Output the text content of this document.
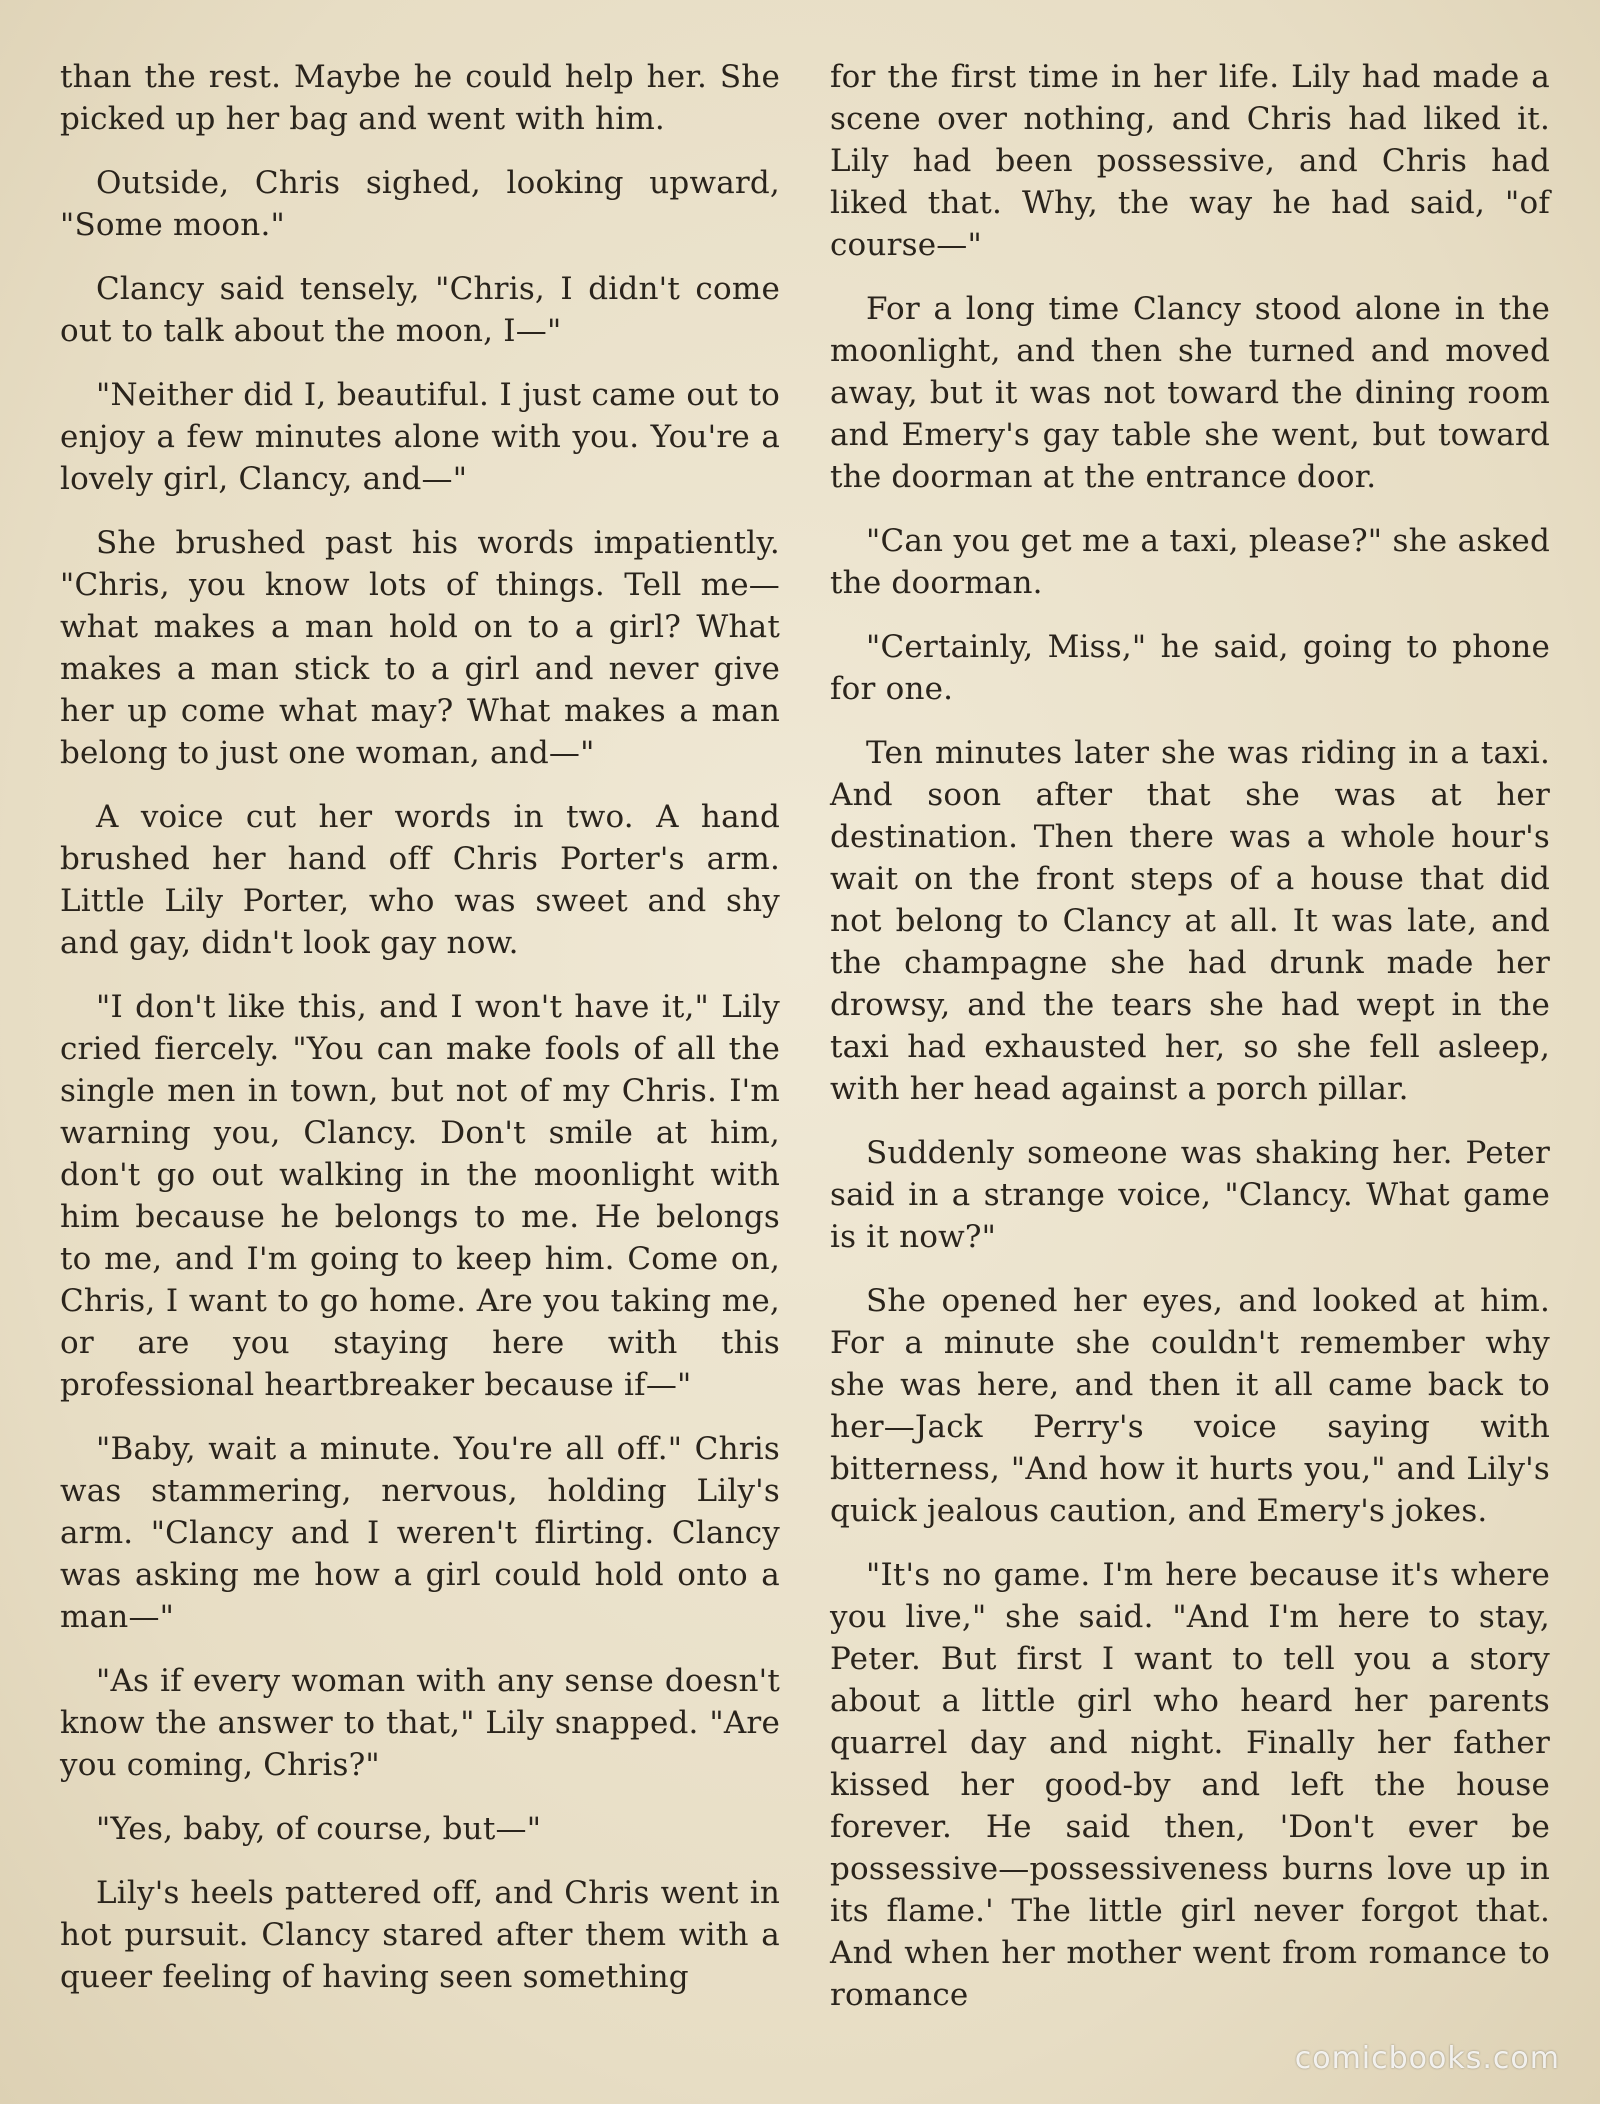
than the rest. Maybe he could help her. She picked up her bag and went with him.

Outside, Chris sighed, looking upward, "Some moon."

Clancy said tensely, "Chris, I didn't come out to talk about the moon, I—"

"Neither did I, beautiful. I just came out to enjoy a few minutes alone with you. You're a lovely girl, Clancy, and—"

She brushed past his words impatiently. "Chris, you know lots of things. Tell me—what makes a man hold on to a girl? What makes a man stick to a girl and never give her up come what may? What makes a man belong to just one woman, and—"

A voice cut her words in two. A hand brushed her hand off Chris Porter's arm. Little Lily Porter, who was sweet and shy and gay, didn't look gay now.

"I don't like this, and I won't have it," Lily cried fiercely. "You can make fools of all the single men in town, but not of my Chris. I'm warning you, Clancy. Don't smile at him, don't go out walking in the moonlight with him because he belongs to me. He belongs to me, and I'm going to keep him. Come on, Chris, I want to go home. Are you taking me, or are you staying here with this professional heartbreaker because if—"

"Baby, wait a minute. You're all off." Chris was stammering, nervous, holding Lily's arm. "Clancy and I weren't flirting. Clancy was asking me how a girl could hold onto a man—"

"As if every woman with any sense doesn't know the answer to that," Lily snapped. "Are you coming, Chris?"

"Yes, baby, of course, but—"

Lily's heels pattered off, and Chris went in hot pursuit. Clancy stared after them with a queer feeling of having seen something

for the first time in her life. Lily had made a scene over nothing, and Chris had liked it. Lily had been possessive, and Chris had liked that. Why, the way he had said, "of course—"

For a long time Clancy stood alone in the moonlight, and then she turned and moved away, but it was not toward the dining room and Emery's gay table she went, but toward the doorman at the entrance door.

"Can you get me a taxi, please?" she asked the doorman.

"Certainly, Miss," he said, going to phone for one.

Ten minutes later she was riding in a taxi. And soon after that she was at her destination. Then there was a whole hour's wait on the front steps of a house that did not belong to Clancy at all. It was late, and the champagne she had drunk made her drowsy, and the tears she had wept in the taxi had exhausted her, so she fell asleep, with her head against a porch pillar.

Suddenly someone was shaking her. Peter said in a strange voice, "Clancy. What game is it now?"

She opened her eyes, and looked at him. For a minute she couldn't remember why she was here, and then it all came back to her—Jack Perry's voice saying with bitterness, "And how it hurts you," and Lily's quick jealous caution, and Emery's jokes.

"It's no game. I'm here because it's where you live," she said. "And I'm here to stay, Peter. But first I want to tell you a story about a little girl who heard her parents quarrel day and night. Finally her father kissed her good-by and left the house forever. He said then, 'Don't ever be possessive—possessiveness burns love up in its flame.' The little girl never forgot that. And when her mother went from romance to romance

comicbooks.com
